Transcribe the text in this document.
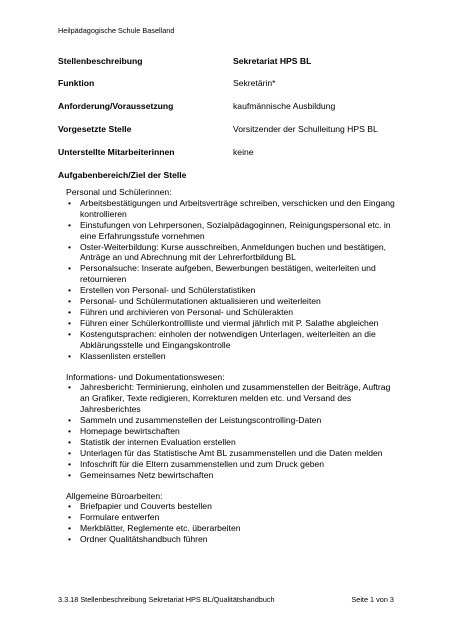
Heilpädagogische Schule Baselland
Stellenbeschreibung	Sekretariat HPS BL
Funktion	Sekretärin*
Anforderung/Voraussetzung	kaufmännische Ausbildung
Vorgesetzte Stelle	Vorsitzender der Schulleitung HPS BL
Unterstellte Mitarbeiterinnen	keine
Aufgabenbereich/Ziel der Stelle

Personal und Schülerinnen:

• Arbeitsbestätigungen und Arbeitsverträge schreiben, verschicken und den Eingang kontrollieren
• Einstufungen von Lehrpersonen, Sozialpädagoginnen, Reinigungspersonal etc. in eine Erfahrungsstufe vornehmen
• Oster-Weiterbildung: Kurse ausschreiben, Anmeldungen buchen und bestätigen, Anträge an und Abrechnung mit der Lehrerfortbildung BL
• Personalsuche: Inserate aufgeben, Bewerbungen bestätigen, weiterleiten und retournieren
• Erstellen von Personal- und Schülerstatistiken
• Personal- und Schülermutationen aktualisieren und weiterleiten
• Führen und archivieren von Personal- und Schülerakten
• Führen einer Schülerkontrollliste und viermal jährlich mit P. Salathe abgleichen
• Kostengutsprachen: einholen der notwendigen Unterlagen, weiterleiten an die Abklärungsstelle und Eingangskontrolle
• Klassenlisten erstellen

Informations- und Dokumentationswesen:

• Jahresbericht: Terminierung, einholen und zusammenstellen der Beiträge, Auftrag an Grafiker, Texte redigieren, Korrekturen melden etc. und Versand des Jahresberichtes
• Sammeln und zusammenstellen der Leistungscontrolling-Daten
• Homepage bewirtschaften
• Statistik der internen Evaluation erstellen
• Unterlagen für das Statistische Amt BL zusammenstellen und die Daten melden
• Infoschrift für die Eltern zusammenstellen und zum Druck geben
• Gemeinsames Netz bewirtschaften

Allgemeine Büroarbeiten:

• Briefpapier und Couverts bestellen
• Formulare entwerfen
• Merkblätter, Reglemente etc. überarbeiten
• Ordner Qualitätshandbuch führen
3.3.18 Stellenbeschreibung Sekretariat HPS BL/Qualitätshandbuch	Seite 1 von 3
